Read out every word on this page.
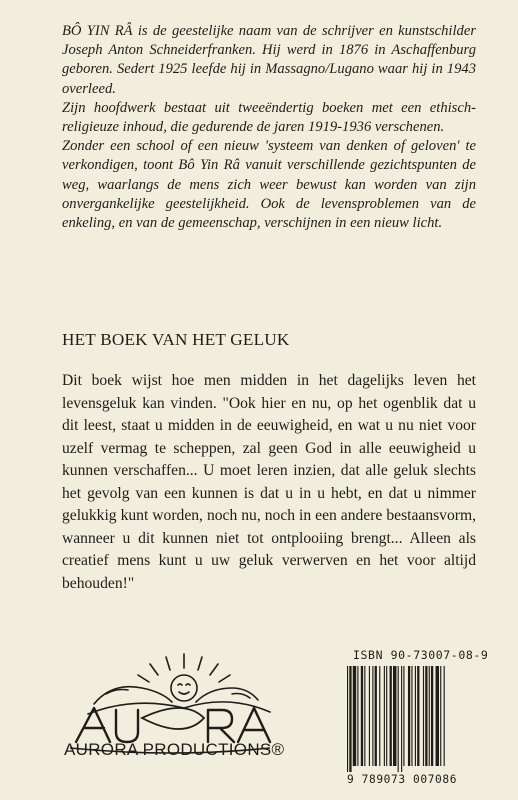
BÔ YIN RÂ is de geestelijke naam van de schrijver en kunstschilder Joseph Anton Schneiderfranken. Hij werd in 1876 in Aschaffenburg geboren. Sedert 1925 leefde hij in Massagno/Lugano waar hij in 1943 overleed.

Zijn hoofdwerk bestaat uit tweeëndertig boeken met een ethisch-religieuze inhoud, die gedurende de jaren 1919-1936 verschenen.

Zonder een school of een nieuw 'systeem van denken of geloven' te verkondigen, toont Bô Yin Râ vanuit verschillende gezichtspunten de weg, waarlangs de mens zich weer bewust kan worden van zijn onvergankelijke geestelijkheid. Ook de levensproblemen van de enkeling, en van de gemeenschap, verschijnen in een nieuw licht.

HET BOEK VAN HET GELUK

Dit boek wijst hoe men midden in het dagelijks leven het levensgeluk kan vinden. "Ook hier en nu, op het ogenblik dat u dit leest, staat u midden in de eeuwigheid, en wat u nu niet voor uzelf vermag te scheppen, zal geen God in alle eeuwigheid u kunnen verschaffen... U moet leren inzien, dat alle geluk slechts het gevolg van een kunnen is dat u in u hebt, en dat u nimmer gelukkig kunt worden, noch nu, noch in een andere bestaansvorm, wanneer u dit kunnen niet tot ontplooiing brengt... Alleen als creatief mens kunt u uw geluk verwerven en het voor altijd behouden!"

AURORA PRODUCTIONS®
ISBN 90-73007-08-9
9 789073 007086
